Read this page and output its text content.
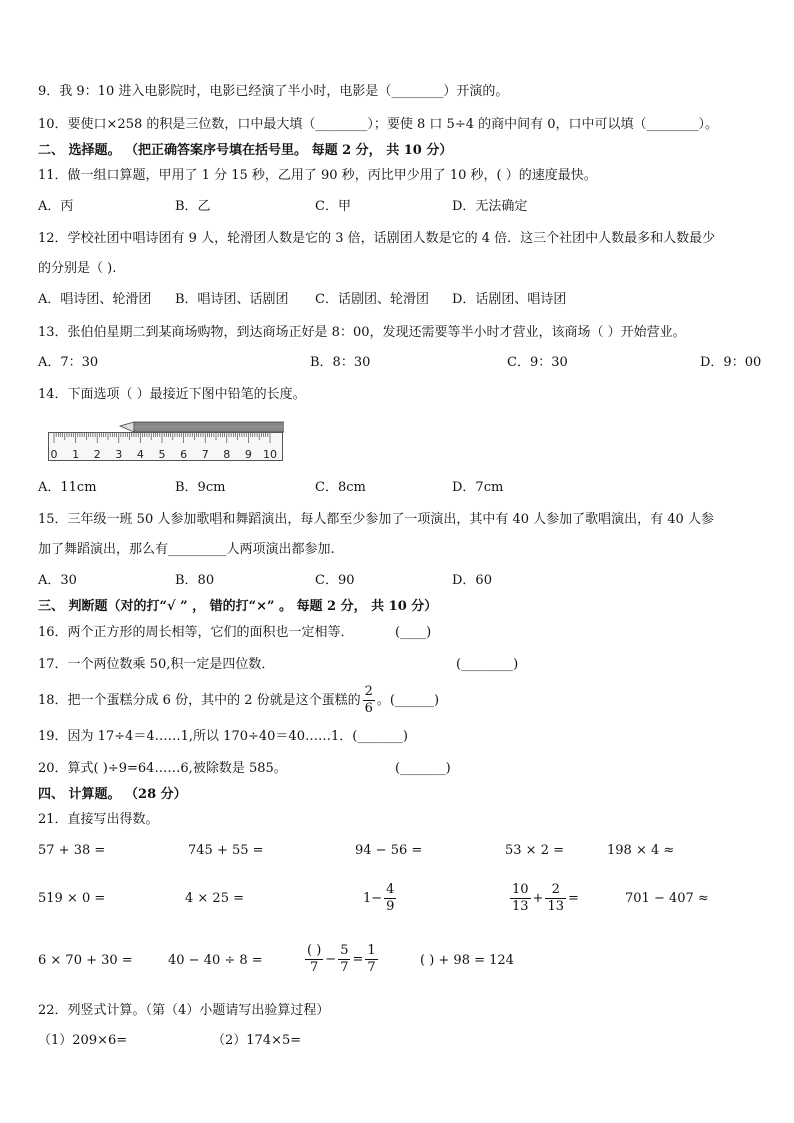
9．我 9：10 进入电影院时，电影已经演了半小时，电影是（________）开演的。
10．要使口×258 的积是三位数，口中最大填（________）；要使 8 口 5÷4 的商中间有 0，口中可以填（________）。
二、 选择题。 （把正确答案序号填在括号里。 每题 2 分， 共 10 分）
11．做一组口算题，甲用了 1 分 15 秒，乙用了 90 秒，丙比甲少用了 10 秒，( ）的速度最快。
A．丙	B．乙	C．甲	D．无法确定
12．学校社团中唱诗团有 9 人，轮滑团人数是它的 3 倍，话剧团人数是它的 4 倍．这三个社团中人数最多和人数最少
的分别是（ ).
A．唱诗团、轮滑团 B．唱诗团、话剧团 C．话剧团、轮滑团 D．话剧团、唱诗团
13．张伯伯星期二到某商场购物，到达商场正好是 8：00，发现还需要等半小时才营业，该商场（ ）开始营业。
A．7：30	B．8：30	C．9：30	D．9：00
14．下面选项（ ）最接近下图中铅笔的长度。
0 1 2 3 4 5 6 7 8 9 10
A．11cm	B．9cm	C．8cm	D．7cm
15．三年级一班 50 人参加歌唱和舞蹈演出，每人都至少参加了一项演出，其中有 40 人参加了歌唱演出，有 40 人参
加了舞蹈演出，那么有_________人两项演出都参加.
A．30	B．80	C．90	D．60
三、 判断题（对的打“√ ” ， 错的打“×” 。 每题 2 分， 共 10 分）
16．两个正方形的周长相等，它们的面积也一定相等．	(____)
17．一个两位数乘 50,积一定是四位数．	(________)
18．把一个蛋糕分成 6 份，其中的 2 份就是这个蛋糕的 $\frac{2}{6}$ 。(______)
19．因为 17÷4＝4……1,所以 170÷40＝40……1．(_______)
20．算式( )÷9=64……6,被除数是 585。	(_______)
四、 计算题。 （28 分）
21．直接写出得数。
57 + 38 =	745 + 55 =	94 − 56 =	53 × 2 =	198 × 4 ≈
519 × 0 =	4 × 25 =	$1- \frac{4}{9}$	$\frac{10}{13} + \frac{2}{13}$ =	701 − 407 ≈
6 × 70 + 30 =	40 − 40 ÷ 8 =	$\frac{( )}{7} - \frac{5}{7} = \frac{1}{7}$	( ) + 98 = 124
22．列竖式计算。（第（4）小题请写出验算过程）
（1）209×6=	（2）174×5=
